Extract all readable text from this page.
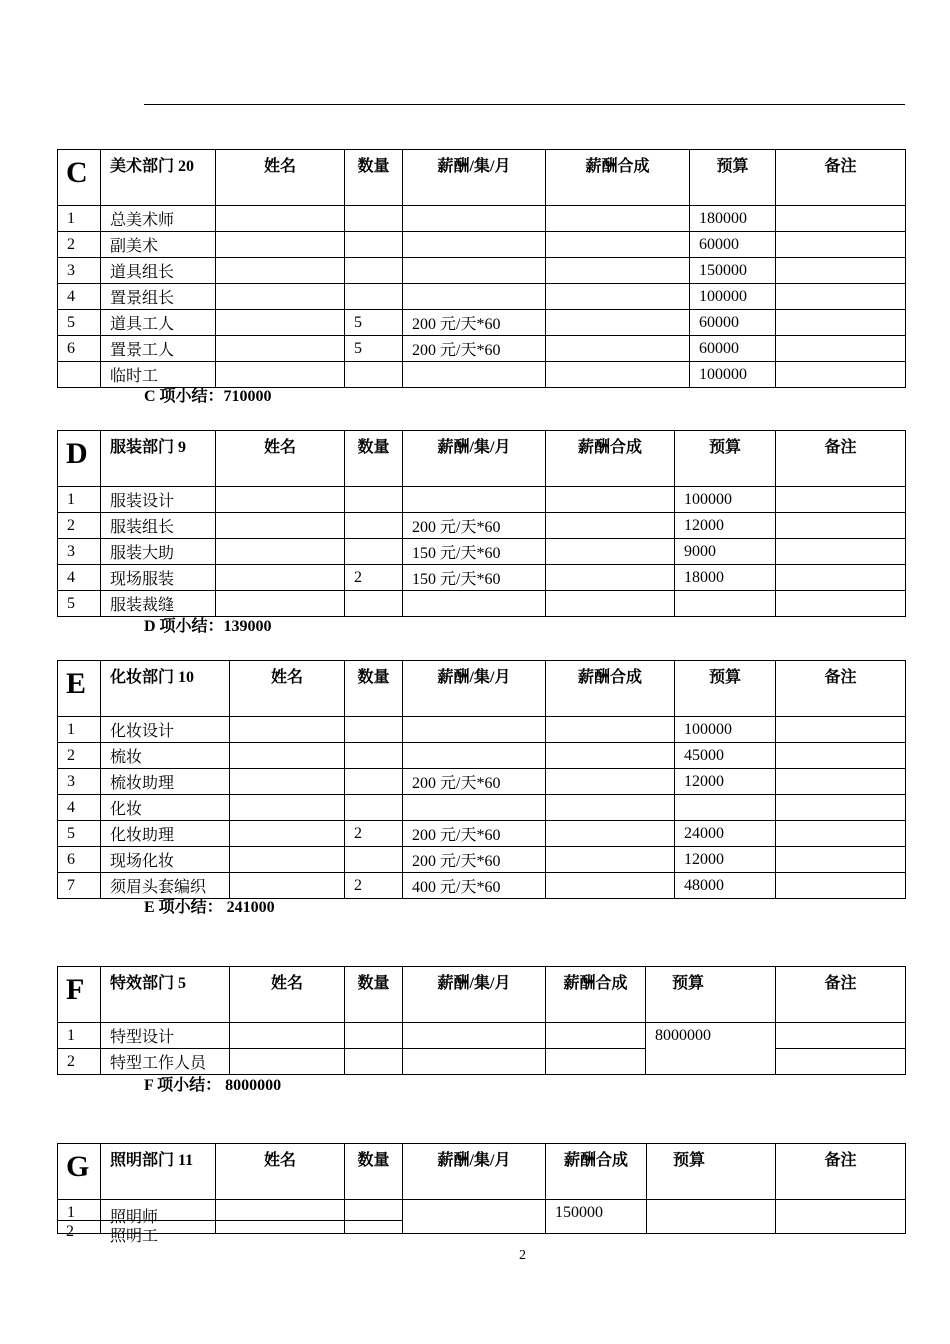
C	美术部门 20	姓名	数量	薪酬/集/月	薪酬合成	预算	备注
1	总美术师					180000	
2	副美术					60000	
3	道具组长					150000	
4	置景组长					100000	
5	道具工人		5	200 元/天*60		60000	
6	置景工人		5	200 元/天*60		60000	
	临时工					100000	
C 项小结：710000
D	服装部门 9	姓名	数量	薪酬/集/月	薪酬合成	预算	备注
1	服装设计					100000	
2	服装组长			200 元/天*60		12000	
3	服装大助			150 元/天*60		9000	
4	现场服装		2	150 元/天*60		18000	
5	服装裁缝						
D 项小结：139000
E	化妆部门 10	姓名	数量	薪酬/集/月	薪酬合成	预算	备注
1	化妆设计					100000	
2	梳妆					45000	
3	梳妆助理			200 元/天*60		12000	
4	化妆						
5	化妆助理		2	200 元/天*60		24000	
6	现场化妆			200 元/天*60		12000	
7	须眉头套编织		2	400 元/天*60		48000	
E 项小结： 241000
F	特效部门 5	姓名	数量	薪酬/集/月	薪酬合成	预算	备注
1	特型设计					8000000	
2	特型工作人员						
F 项小结： 8000000
G	照明部门 11	姓名	数量	薪酬/集/月	薪酬合成	预算	备注
1	照明师				150000		
2 照明工
2
